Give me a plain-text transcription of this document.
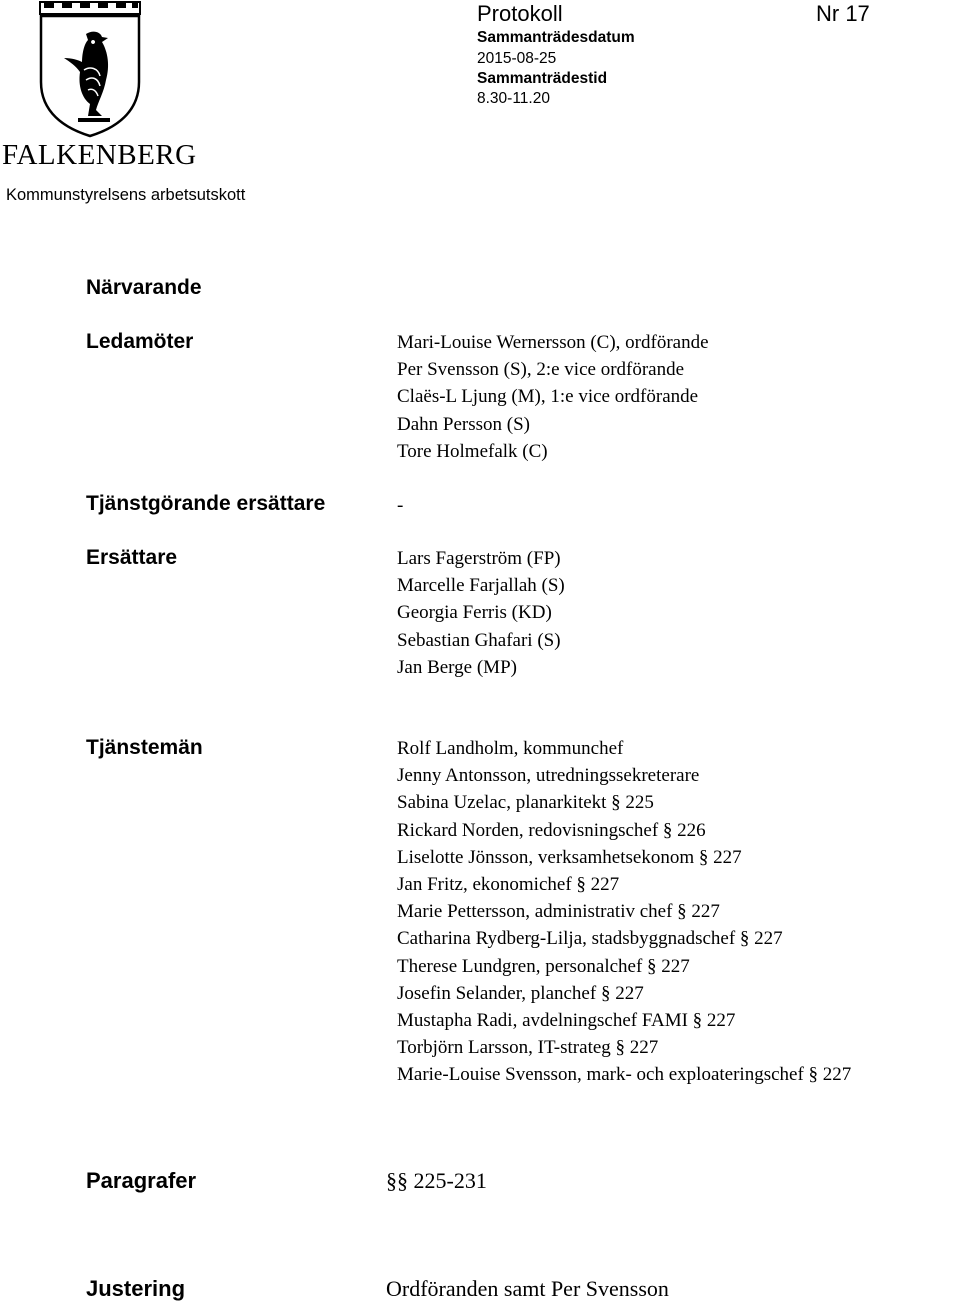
FALKENBERG
Kommunstyrelsens arbetsutskott
Protokoll	Nr 17
Sammanträdesdatum
2015-08-25
Sammanträdestid
8.30-11.20
Närvarande
Ledamöter	Mari-Louise Wernersson (C), ordförande
Per Svensson (S), 2:e vice ordförande
Claës-L Ljung (M), 1:e vice ordförande
Dahn Persson (S)
Tore Holmefalk (C)
Tjänstgörande ersättare	-
Ersättare	Lars Fagerström (FP)
Marcelle Farjallah (S)
Georgia Ferris (KD)
Sebastian Ghafari (S)
Jan Berge (MP)
Tjänstemän	Rolf Landholm, kommunchef
Jenny Antonsson, utredningssekreterare
Sabina Uzelac, planarkitekt § 225
Rickard Norden, redovisningschef § 226
Liselotte Jönsson, verksamhetsekonom § 227
Jan Fritz, ekonomichef § 227
Marie Pettersson, administrativ chef § 227
Catharina Rydberg-Lilja, stadsbyggnadschef § 227
Therese Lundgren, personalchef § 227
Josefin Selander, planchef § 227
Mustapha Radi, avdelningschef FAMI § 227
Torbjörn Larsson, IT-strateg § 227
Marie-Louise Svensson, mark- och exploateringschef § 227
Paragrafer	§§ 225-231
Justering	Ordföranden samt Per Svensson
